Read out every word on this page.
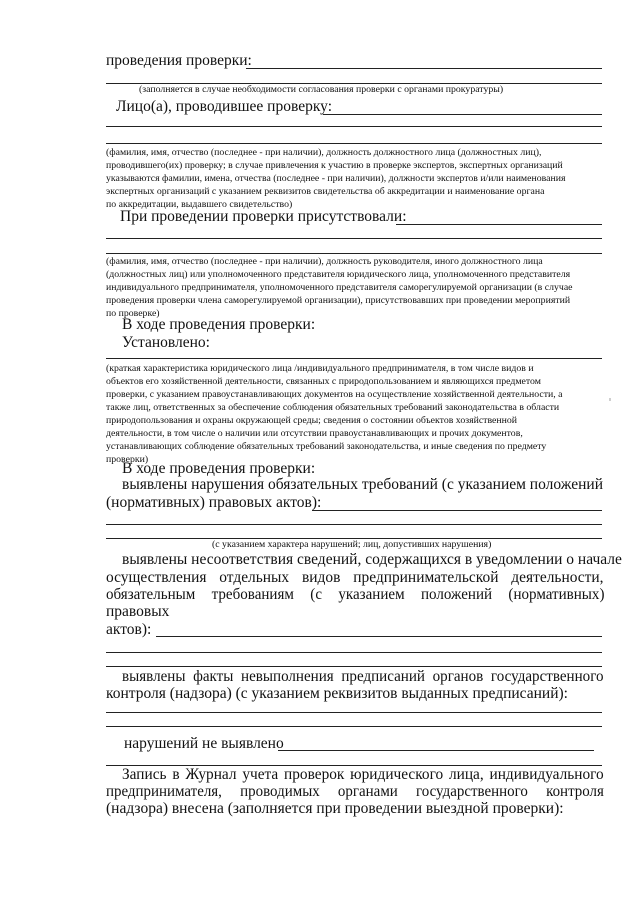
проведения проверки:
(заполняется в случае необходимости согласования проверки с органами прокуратуры)
Лицо(а), проводившее проверку:
(фамилия, имя, отчество (последнее - при наличии), должность должностного лица (должностных лиц),
проводившего(их) проверку; в случае привлечения к участию в проверке экспертов, экспертных организаций
указываются фамилии, имена, отчества (последнее - при наличии), должности экспертов и/или наименования
экспертных организаций с указанием реквизитов свидетельства об аккредитации и наименование органа
по аккредитации, выдавшего свидетельство)
При проведении проверки присутствовали:
(фамилия, имя, отчество (последнее - при наличии), должность руководителя, иного должностного лица
(должностных лиц) или уполномоченного представителя юридического лица, уполномоченного представителя
индивидуального предпринимателя, уполномоченного представителя саморегулируемой организации (в случае
проведения проверки члена саморегулируемой организации), присутствовавших при проведении мероприятий
по проверке)
В ходе проведения проверки:
Установлено:
(краткая характеристика юридического лица /индивидуального предпринимателя, в том числе видов и
объектов его хозяйственной деятельности, связанных с природопользованием и являющихся предметом
проверки, с указанием правоустанавливающих документов на осуществление хозяйственной деятельности, а
также лиц, ответственных за обеспечение соблюдения обязательных требований законодательства в области
природопользования и охраны окружающей среды; сведения о состоянии объектов хозяйственной
деятельности, в том числе о наличии или отсутствии правоустанавливающих и прочих документов,
устанавливающих соблюдение обязательных требований законодательства, и иные сведения по предмету
проверки)
В ходе проведения проверки:
выявлены нарушения обязательных требований (с указанием положений
(нормативных) правовых актов):
(с указанием характера нарушений; лиц, допустивших нарушения)
выявлены несоответствия сведений, содержащихся в уведомлении о начале
осуществления отдельных видов предпринимательской деятельности,
обязательным требованиям (с указанием положений (нормативных)
правовых
актов):
выявлены факты невыполнения предписаний органов государственного
контроля (надзора) (с указанием реквизитов выданных предписаний):
нарушений не выявлено
Запись в Журнал учета проверок юридического лица, индивидуального
предпринимателя, проводимых органами государственного контроля
(надзора) внесена (заполняется при проведении выездной проверки):
